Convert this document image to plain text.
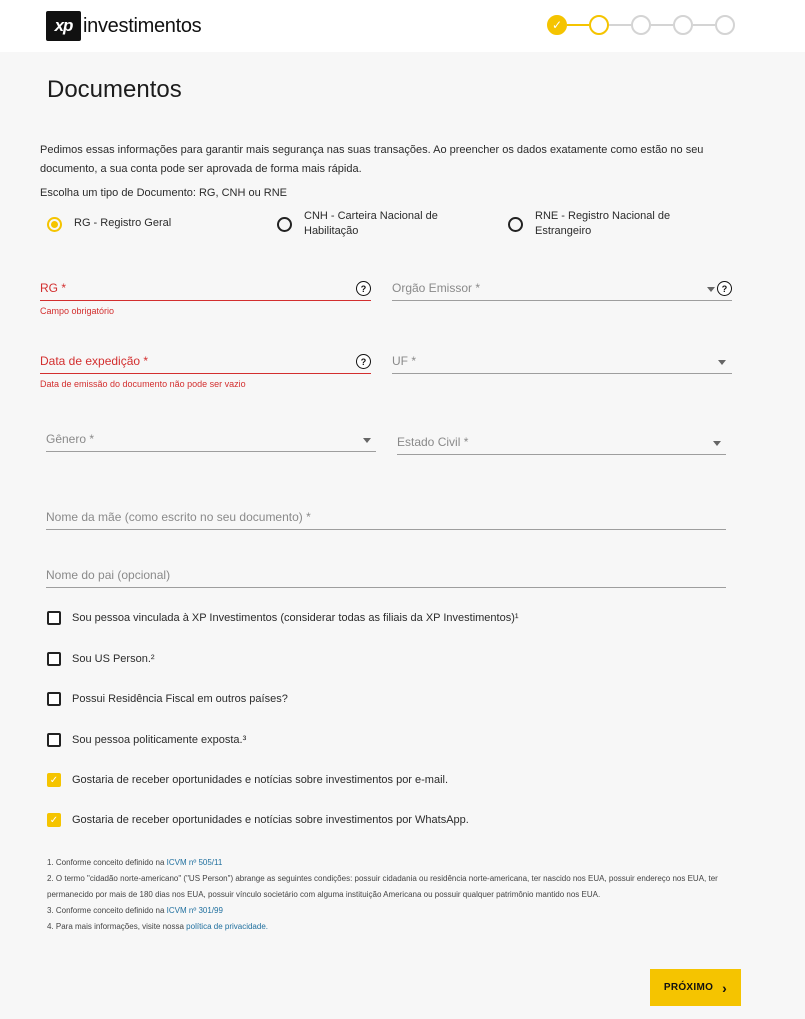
xp investimentos	✓
Documentos

Pedimos essas informações para garantir mais segurança nas suas transações. Ao preencher os dados exatamente como estão no seu documento, a sua conta pode ser aprovada de forma mais rápida.

Escolha um tipo de Documento: RG, CNH ou RNE
RG - Registro Geral
CNH - Carteira Nacional de Habilitação
RNE - Registro Nacional de Estrangeiro
RG *	?
Campo obrigatório
Orgão Emissor *	?
Data de expedição *	?
Data de emissão do documento não pode ser vazio
UF *
Gênero *	Estado Civil *
Nome da mãe (como escrito no seu documento) *
Nome do pai (opcional)
Sou pessoa vinculada à XP Investimentos (considerar todas as filiais da XP Investimentos)¹
Sou US Person.²
Possui Residência Fiscal em outros países?
Sou pessoa politicamente exposta.³
✓ Gostaria de receber oportunidades e notícias sobre investimentos por e-mail.
✓ Gostaria de receber oportunidades e notícias sobre investimentos por WhatsApp.
1. Conforme conceito definido na ICVM nº 505/11
2. O termo "cidadão norte-americano" ("US Person") abrange as seguintes condições: possuir cidadania ou residência norte-americana, ter nascido nos EUA, possuir endereço nos EUA, ter permanecido por mais de 180 dias nos EUA, possuir vínculo societário com alguma instituição Americana ou possuir qualquer patrimônio mantido nos EUA.
3. Conforme conceito definido na ICVM nº 301/99
4. Para mais informações, visite nossa política de privacidade.
PRÓXIMO ›
